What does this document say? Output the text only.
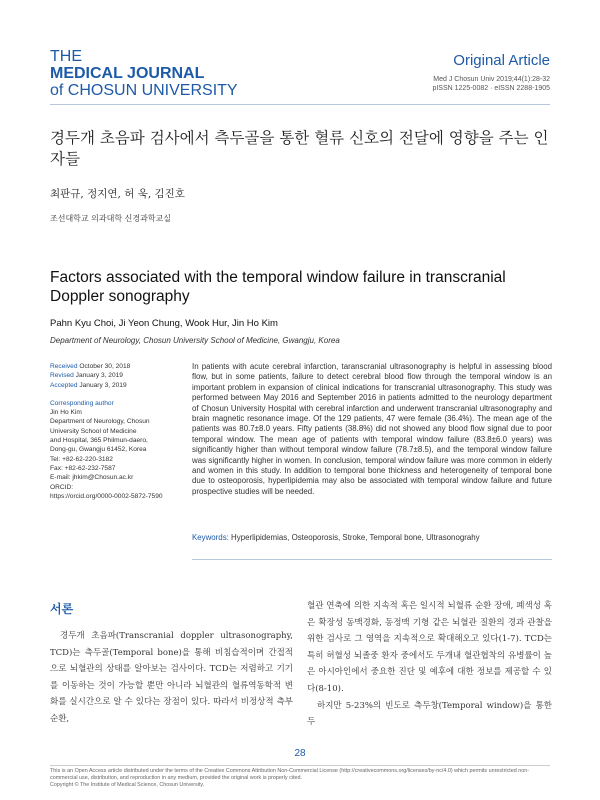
THE
MEDICAL JOURNAL
of CHOSUN UNIVERSITY
Original Article
Med J Chosun Univ 2019;44(1):28-32
pISSN 1225-0082 · eISSN 2288-1905
경두개 초음파 검사에서 측두골을 통한 혈류 신호의 전달에 영향을 주는 인자들
최판규, 정지연, 허 욱, 김진호
조선대학교 의과대학 신경과학교실
Factors associated with the temporal window failure in transcranial Doppler sonography
Pahn Kyu Choi, Ji Yeon Chung, Wook Hur, Jin Ho Kim
Department of Neurology, Chosun University School of Medicine, Gwangju, Korea
Received October 30, 2018
Revised January 3, 2019
Accepted January 3, 2019
Corresponding author
Jin Ho Kim
Department of Neurology, Chosun
University School of Medicine
and Hospital, 365 Philmun-daero,
Dong-gu, Gwangju 61452, Korea
Tel: +82-62-220-3182
Fax: +82-62-232-7587
E-mail: jhkim@Chosun.ac.kr
ORCID:
https://orcid.org/0000-0002-5872-7590
In patients with acute cerebral infarction, taranscranial ultrasonography is helpful in assessing blood flow, but in some patients, failure to detect cerebral blood flow through the temporal window is an important problem in expansion of clinical indications for transcranial ultrasonography. This study was performed between May 2016 and September 2016 in patients admitted to the neurology department of Chosun University Hospital with cerebral infarction and underwent transcranial ultrasonography and brain magnetic resonance image. Of the 129 patients, 47 were female (36.4%). The mean age of the patients was 80.7±8.0 years. Fifty patients (38.8%) did not showed any blood flow signal due to poor temporal window. The mean age of patients with temporal window failure (83.8±6.0 years) was significantly higher than without temporal window failure (78.7±8.5), and the temporal window failure was significantly higher in women. In conclusion, temporal window failure was more common in elderly and women in this study. In addition to temporal bone thickness and heterogeneity of temporal bone due to osteoporosis, hyperlipidemia may also be associated with temporal window failure and future prospective studies will be needed.
Keywords: Hyperlipidemias, Osteoporosis, Stroke, Temporal bone, Ultrasonograhy
서론

경두개 초음파(Transcranial doppler ultrasonography, TCD)는 측두골(Temporal bone)을 통해 비침습적이며 간접적으로 뇌혈관의 상태를 알아보는 검사이다. TCD는 저렴하고 기기를 이동하는 것이 가능할 뿐만 아니라 뇌혈관의 혈류역동학적 변화를 실시간으로 알 수 있다는 장점이 있다. 따라서 비정상적 측부 순환,

혈관 연축에 의한 지속적 혹은 일시적 뇌혈류 순환 장애, 폐색성 혹은 확장성 동맥경화, 동정맥 기형 같은 뇌혈관 질환의 경과 관찰을 위한 검사로 그 영역을 지속적으로 확대해오고 있다(1-7). TCD는 특히 허혈성 뇌졸중 환자 중에서도 두개내 혈관협착의 유병률이 높은 아시아인에서 중요한 진단 및 예후에 대한 정보를 제공할 수 있다(8-10).

하지만 5-23%의 빈도로 측두창(Temporal window)을 통한 두

28
This is an Open Access article distributed under the terms of the Creative Commons Attribution Non-Commercial License (http://creativecommons.org/licenses/by-nc/4.0) which permits unrestricted non-commercial use, distribution, and reproduction in any medium, provided the original work is properly cited.
Copyright © The Institute of Medical Science, Chosun University.
